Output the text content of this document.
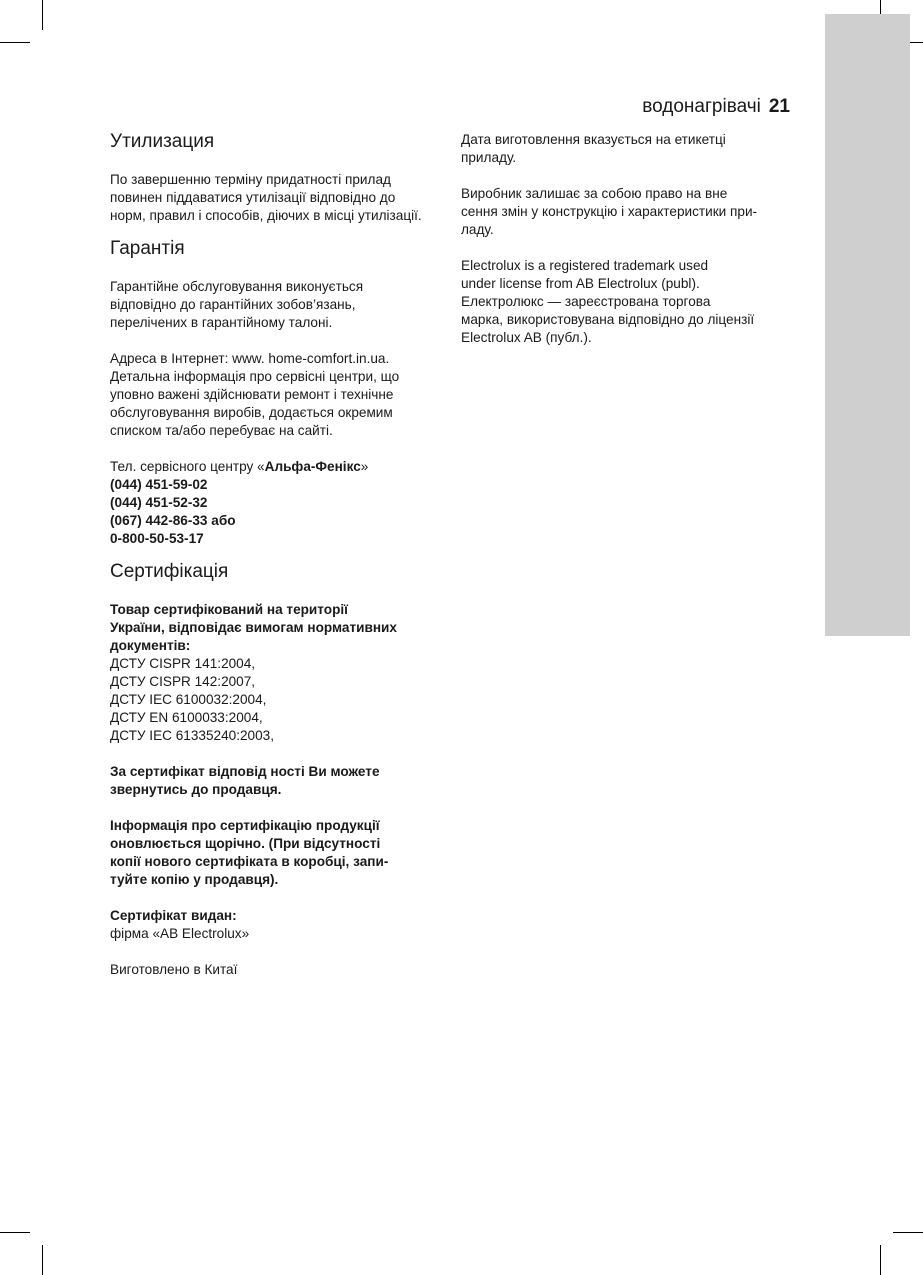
водонагрівачі 21
Утилизация

По завершенню терміну придатності прилад
повинен піддаватися утилізації відповідно до
норм, правил і способів, діючих в місці утилізації.

Гарантія

Гарантійне обслуговування виконується
відповідно до гарантійних зобов’язань,
перелічених в гарантійному талоні.

Адреса в Інтернет: www. home-comfort.in.ua.
Детальна інформація про сервісні центри, що
уповно важені здійснювати ремонт і технічне
обслуговування виробів, додається окремим
списком та/або перебуває на сайті.

Тел. сервісного центру «Альфа-Фенікс»
(044) 451-59-02
(044) 451-52-32
(067) 442-86-33 або
0-800-50-53-17

Сертифікація

Товар сертифікований на території
України, відповідає вимогам нормативних
документів:
ДСТУ CISPR 141:2004,
ДСТУ CISPR 142:2007,
ДСТУ IEC 6100032:2004,
ДСТУ EN 6100033:2004,
ДСТУ IEC 61335240:2003,

За сертифікат відповід ності Ви можете
звернутись до продавця.

Інформація про сертифікацію продукції
оновлюється щорічно. (При відсутності
копії нового сертифіката в коробці, запи-
туйте копію у продавця).

Сертифікат видан:
фірма «AB Electrolux»

Виготовлено в Китаї

Дата виготовлення вказується на етикетці
приладу.

Виробник залишає за собою право на вне
сення змін у конструкцію і характеристики при-
ладу.

Electrolux is a registered trademark used
under license from AB Electrolux (publ).
Електролюкс — зареєстрована торгова
марка, використовувана відповідно до ліцензії
Electrolux AB (публ.).
